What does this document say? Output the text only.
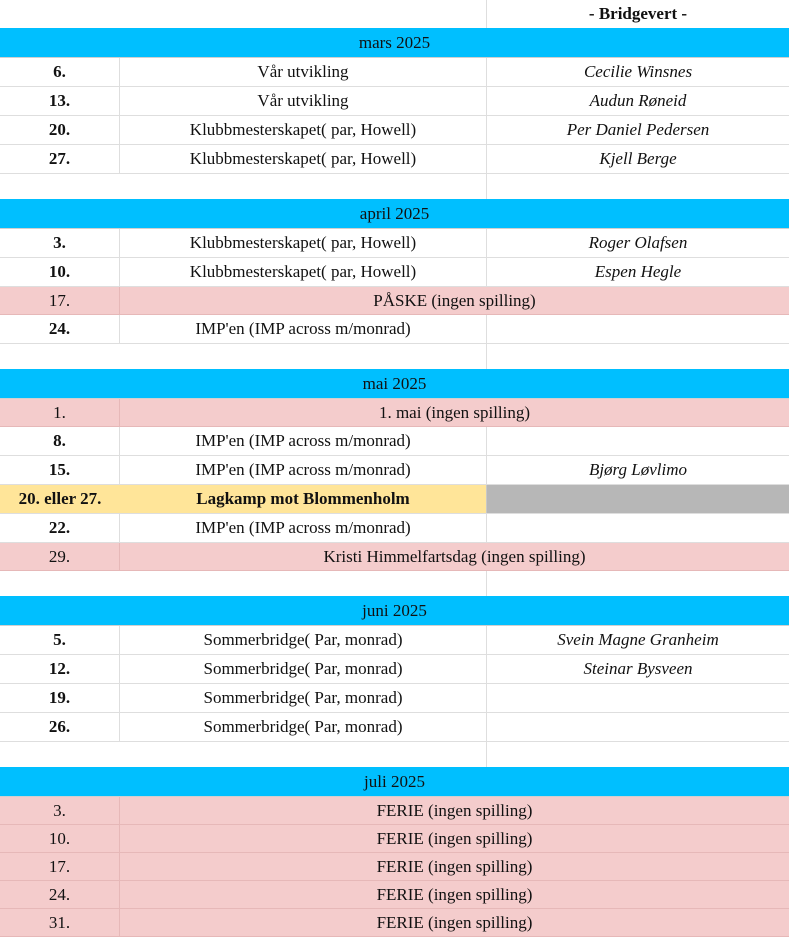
- Bridgevert -
mars 2025
6.	Vår utvikling	Cecilie Winsnes
13.	Vår utvikling	Audun Røneid
20.	Klubbmesterskapet( par, Howell)	Per Daniel Pedersen
27.	Klubbmesterskapet( par, Howell)	Kjell Berge
april 2025
3.	Klubbmesterskapet( par, Howell)	Roger Olafsen
10.	Klubbmesterskapet( par, Howell)	Espen Hegle
17.	PÅSKE (ingen spilling)
24.	IMP'en (IMP across m/monrad)
mai 2025
1.	1. mai (ingen spilling)
8.	IMP'en (IMP across m/monrad)
15.	IMP'en (IMP across m/monrad)	Bjørg Løvlimo
20. eller 27.	Lagkamp mot Blommenholm
22.	IMP'en (IMP across m/monrad)
29.	Kristi Himmelfartsdag (ingen spilling)
juni 2025
5.	Sommerbridge( Par, monrad)	Svein Magne Granheim
12.	Sommerbridge( Par, monrad)	Steinar Bysveen
19.	Sommerbridge( Par, monrad)
26.	Sommerbridge( Par, monrad)
juli 2025
3.	FERIE (ingen spilling)
10.	FERIE (ingen spilling)
17.	FERIE (ingen spilling)
24.	FERIE (ingen spilling)
31.	FERIE (ingen spilling)
